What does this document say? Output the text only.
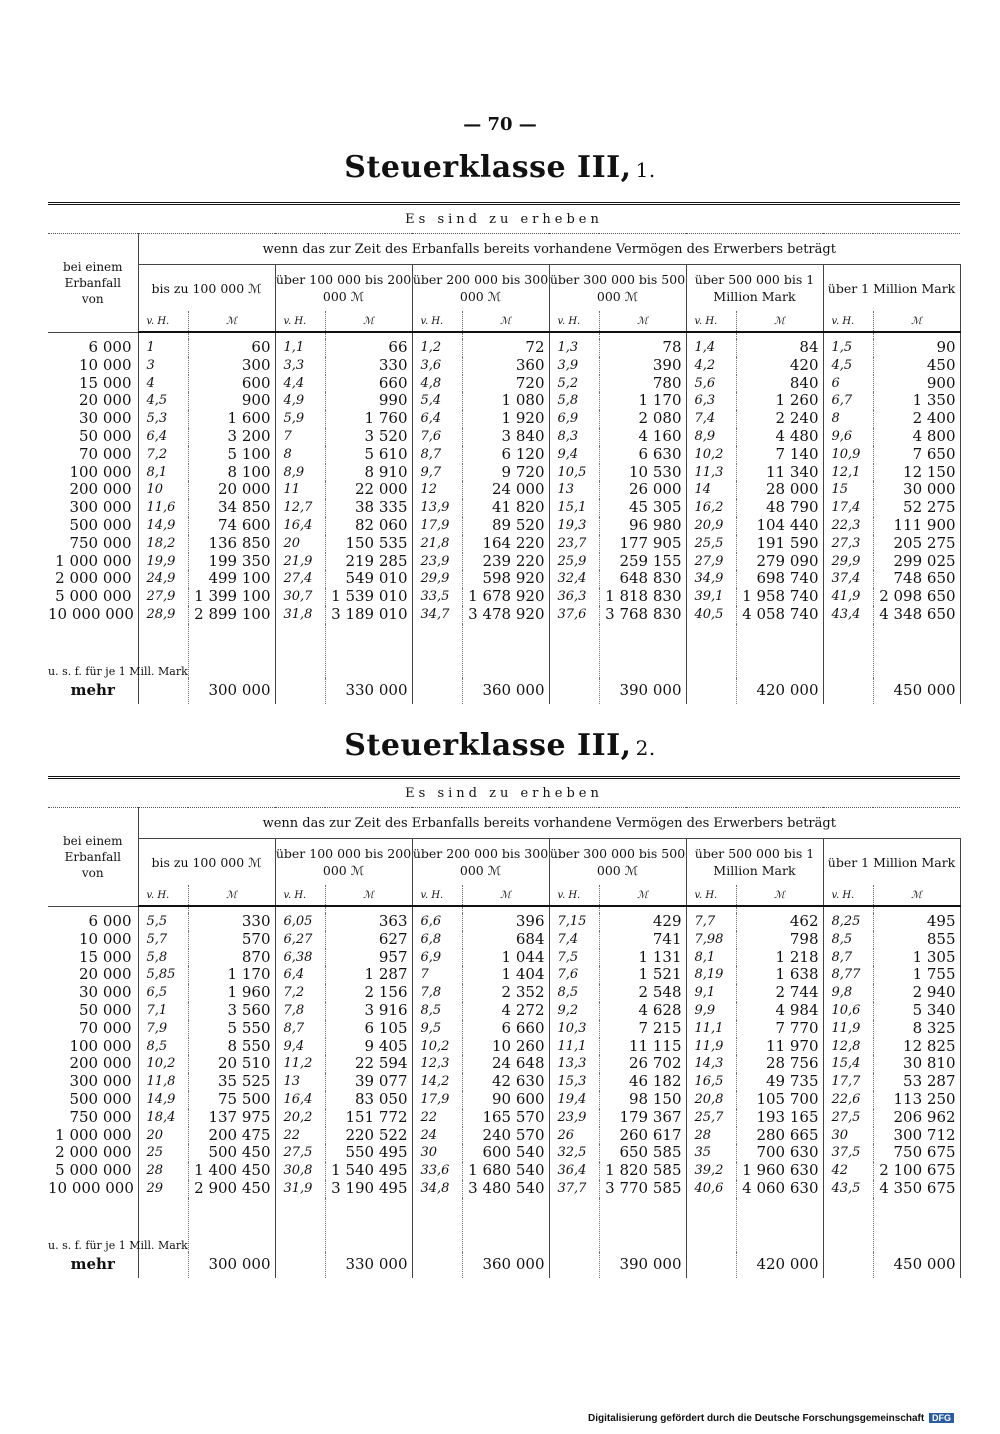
— 70 —
Steuerklasse III, 1.
Es sind zu erheben												

bei einem
Erbanfall
von	wenn das zur Zeit des Erbanfalls bereits vorhandene Vermögen des Erwerbers beträgt											
	bis zu 100 000 ℳ		über 100 000 bis 200 000 ℳ		über 200 000 bis 300 000 ℳ		über 300 000 bis 500 000 ℳ		über 500 000 bis 1 Million Mark		über 1 Million Mark	
	v. H.	ℳ	v. H.	ℳ	v. H.	ℳ	v. H.	ℳ	v. H.	ℳ	v. H.	ℳ

6 000	1	60	1,1	66	1,2	72	1,3	78	1,4	84	1,5	90
10 000	3	300	3,3	330	3,6	360	3,9	390	4,2	420	4,5	450
15 000	4	600	4,4	660	4,8	720	5,2	780	5,6	840	6	900
20 000	4,5	900	4,9	990	5,4	1 080	5,8	1 170	6,3	1 260	6,7	1 350
30 000	5,3	1 600	5,9	1 760	6,4	1 920	6,9	2 080	7,4	2 240	8	2 400
50 000	6,4	3 200	7	3 520	7,6	3 840	8,3	4 160	8,9	4 480	9,6	4 800
70 000	7,2	5 100	8	5 610	8,7	6 120	9,4	6 630	10,2	7 140	10,9	7 650
100 000	8,1	8 100	8,9	8 910	9,7	9 720	10,5	10 530	11,3	11 340	12,1	12 150
200 000	10	20 000	11	22 000	12	24 000	13	26 000	14	28 000	15	30 000
300 000	11,6	34 850	12,7	38 335	13,9	41 820	15,1	45 305	16,2	48 790	17,4	52 275
500 000	14,9	74 600	16,4	82 060	17,9	89 520	19,3	96 980	20,9	104 440	22,3	111 900
750 000	18,2	136 850	20	150 535	21,8	164 220	23,7	177 905	25,5	191 590	27,3	205 275
1 000 000	19,9	199 350	21,9	219 285	23,9	239 220	25,9	259 155	27,9	279 090	29,9	299 025
2 000 000	24,9	499 100	27,4	549 010	29,9	598 920	32,4	648 830	34,9	698 740	37,4	748 650
5 000 000	27,9	1 399 100	30,7	1 539 010	33,5	1 678 920	36,3	1 818 830	39,1	1 958 740	41,9	2 098 650
10 000 000	28,9	2 899 100	31,8	3 189 010	34,7	3 478 920	37,6	3 768 830	40,5	4 058 740	43,4	4 348 650
u. s. f. für je 1 Mill. Mark												
mehr		300 000		330 000		360 000		390 000		420 000		450 000
Steuerklasse III, 2.
Es sind zu erheben												

bei einem
Erbanfall
von	wenn das zur Zeit des Erbanfalls bereits vorhandene Vermögen des Erwerbers beträgt											
	bis zu 100 000 ℳ		über 100 000 bis 200 000 ℳ		über 200 000 bis 300 000 ℳ		über 300 000 bis 500 000 ℳ		über 500 000 bis 1 Million Mark		über 1 Million Mark	
	v. H.	ℳ	v. H.	ℳ	v. H.	ℳ	v. H.	ℳ	v. H.	ℳ	v. H.	ℳ

6 000	5,5	330	6,05	363	6,6	396	7,15	429	7,7	462	8,25	495
10 000	5,7	570	6,27	627	6,8	684	7,4	741	7,98	798	8,5	855
15 000	5,8	870	6,38	957	6,9	1 044	7,5	1 131	8,1	1 218	8,7	1 305
20 000	5,85	1 170	6,4	1 287	7	1 404	7,6	1 521	8,19	1 638	8,77	1 755
30 000	6,5	1 960	7,2	2 156	7,8	2 352	8,5	2 548	9,1	2 744	9,8	2 940
50 000	7,1	3 560	7,8	3 916	8,5	4 272	9,2	4 628	9,9	4 984	10,6	5 340
70 000	7,9	5 550	8,7	6 105	9,5	6 660	10,3	7 215	11,1	7 770	11,9	8 325
100 000	8,5	8 550	9,4	9 405	10,2	10 260	11,1	11 115	11,9	11 970	12,8	12 825
200 000	10,2	20 510	11,2	22 594	12,3	24 648	13,3	26 702	14,3	28 756	15,4	30 810
300 000	11,8	35 525	13	39 077	14,2	42 630	15,3	46 182	16,5	49 735	17,7	53 287
500 000	14,9	75 500	16,4	83 050	17,9	90 600	19,4	98 150	20,8	105 700	22,6	113 250
750 000	18,4	137 975	20,2	151 772	22	165 570	23,9	179 367	25,7	193 165	27,5	206 962
1 000 000	20	200 475	22	220 522	24	240 570	26	260 617	28	280 665	30	300 712
2 000 000	25	500 450	27,5	550 495	30	600 540	32,5	650 585	35	700 630	37,5	750 675
5 000 000	28	1 400 450	30,8	1 540 495	33,6	1 680 540	36,4	1 820 585	39,2	1 960 630	42	2 100 675
10 000 000	29	2 900 450	31,9	3 190 495	34,8	3 480 540	37,7	3 770 585	40,6	4 060 630	43,5	4 350 675
u. s. f. für je 1 Mill. Mark												
mehr		300 000		330 000		360 000		390 000		420 000		450 000
Digitalisierung gefördert durch die Deutsche Forschungsgemeinschaft DFG
